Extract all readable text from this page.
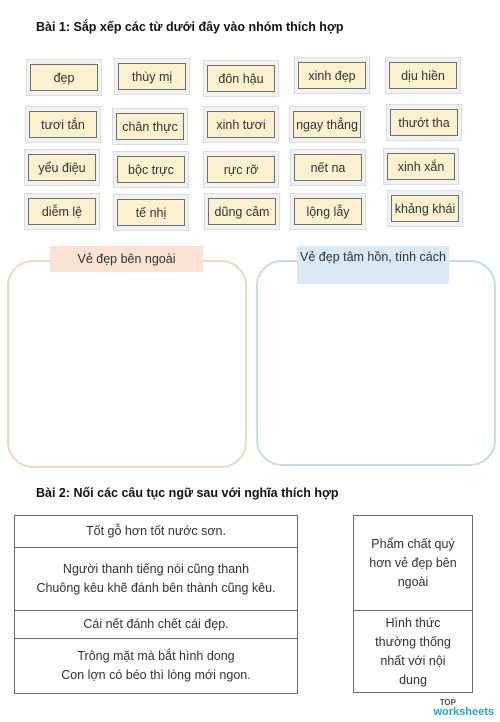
Bài 1: Sắp xếp các từ dưới đây vào nhóm thích hợp
đẹp	thùy mị	đôn hậu	xinh đẹp	dịu hiền
tươi tắn	chân thực	xinh tươi	ngay thẳng	thướt tha
yểu điệu	bộc trực	rực rỡ	nết na	xinh xắn
diễm lệ	tế nhị	dũng cảm	lộng lẫy	khảng khái
Vẻ đẹp bên ngoài	Vẻ đẹp tâm hồn, tính cách
Bài 2: Nối các câu tục ngữ sau với nghĩa thích hợp
Tốt gỗ hơn tốt nước sơn.

Người thanh tiếng nói cũng thanh
Chuông kêu khẽ đánh bên thành cũng kêu.

Cái nết đánh chết cái đẹp.

Trông mặt mà bắt hình dong
Con lợn có béo thì lòng mới ngon.
Phẩm chất quý
hơn vẻ đẹp bên
ngoài

Hình thức
thường thống
nhất với nội
dung
TOP
worksheets
